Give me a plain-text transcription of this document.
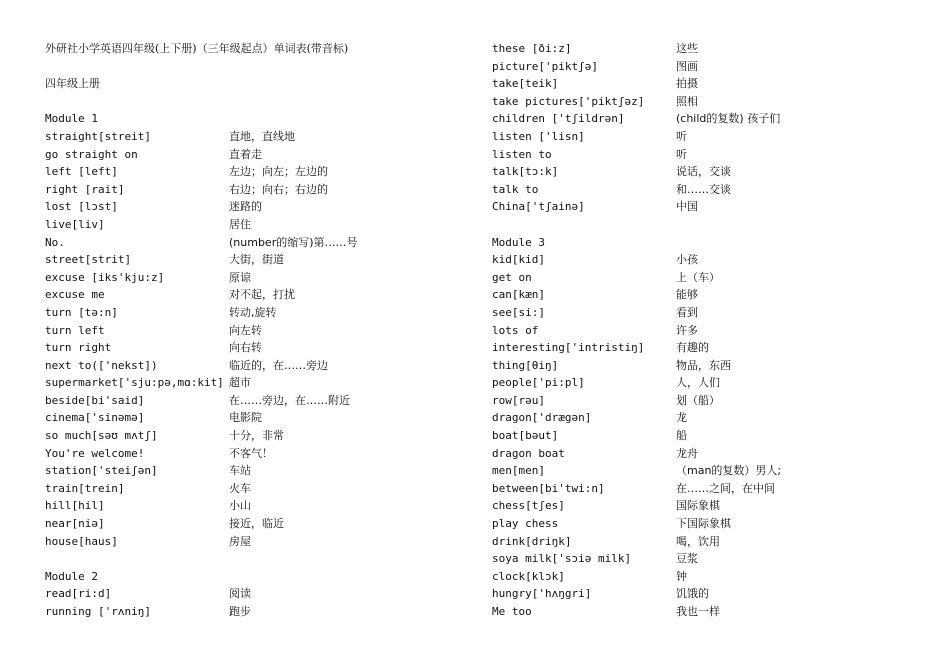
外研社小学英语四年级(上下册)（三年级起点）单词表(带音标)
四年级上册
Module 1
straight[streit]	直地，直线地
go straight on	直着走
left [left]	左边；向左；左边的
right [rait]	右边；向右；右边的
lost [lɔst]	迷路的
live[liv]	居住
No.	(number的缩写)第……号
street[strit]	大街，街道
excuse [iks'kju:z]	原谅
excuse me	对不起，打扰
turn [tə:n]	转动,旋转
turn left	向左转
turn right	向右转
next to(['nekst])	临近的，在……旁边
supermarket['sju:pə,mɑ:kit] 超市
beside[bi'said]	在……旁边，在……附近
cinema['sinəmə]	电影院
so much[səʊ mʌtʃ]	十分，非常
You're welcome!	不客气！
station['steiʃən]	车站
train[trein]	火车
hill[hil]	小山
near[niə]	接近，临近
house[haus]	房屋
Module 2
read[ri:d]	阅读
running ['rʌniŋ]	跑步
these [ði:z]	这些
picture['piktʃə]	图画
take[teik]	拍摄
take pictures['piktʃəz]	照相
children ['tʃildrən]	(child的复数) 孩子们
listen ['lisn]	听
listen to	听
talk[tɔ:k]	说话，交谈
talk to	和……交谈
China['tʃainə]	中国
Module 3
kid[kid]	小孩
get on	上（车）
can[kæn]	能够
see[si:]	看到
lots of	许多
interesting['intristiŋ]	有趣的
thing[θiŋ]	物品，东西
people['pi:pl]	人，人们
row[rəu]	划（船）
dragon['drægən]	龙
boat[bəut]	船
dragon boat	龙舟
men[men]	（man的复数）男人;
between[bi'twi:n]	在……之间，在中间
chess[tʃes]	国际象棋
play chess	下国际象棋
drink[driŋk]	喝，饮用
soya milk['sɔiə milk]	豆浆
clock[klɔk]	钟
hungry['hʌŋgri]	饥饿的
Me too	我也一样
